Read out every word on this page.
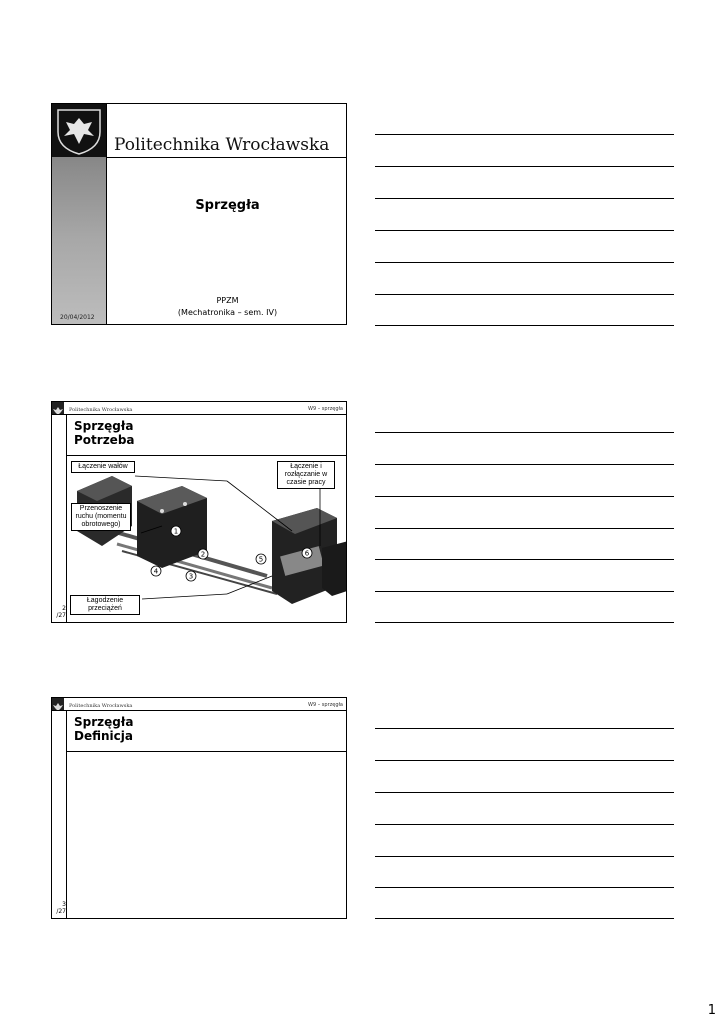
Politechnika Wrocławska
Sprzęgła
PPZM
(Mechatronika – sem. IV)
20/04/2012
Politechnika Wrocławska	W9 – sprzęgła
Sprzęgła
Potrzeba
1
2
3
4
5
6
Łączenie wałów	Łączenie i rozłączanie w czasie pracy
Przenoszenie ruchu (momentu obrotowego)
Łagodzenie przeciążeń
2
/27
Politechnika Wrocławska	W9 – sprzęgła
Sprzęgła
Definicja
3
/27
1
